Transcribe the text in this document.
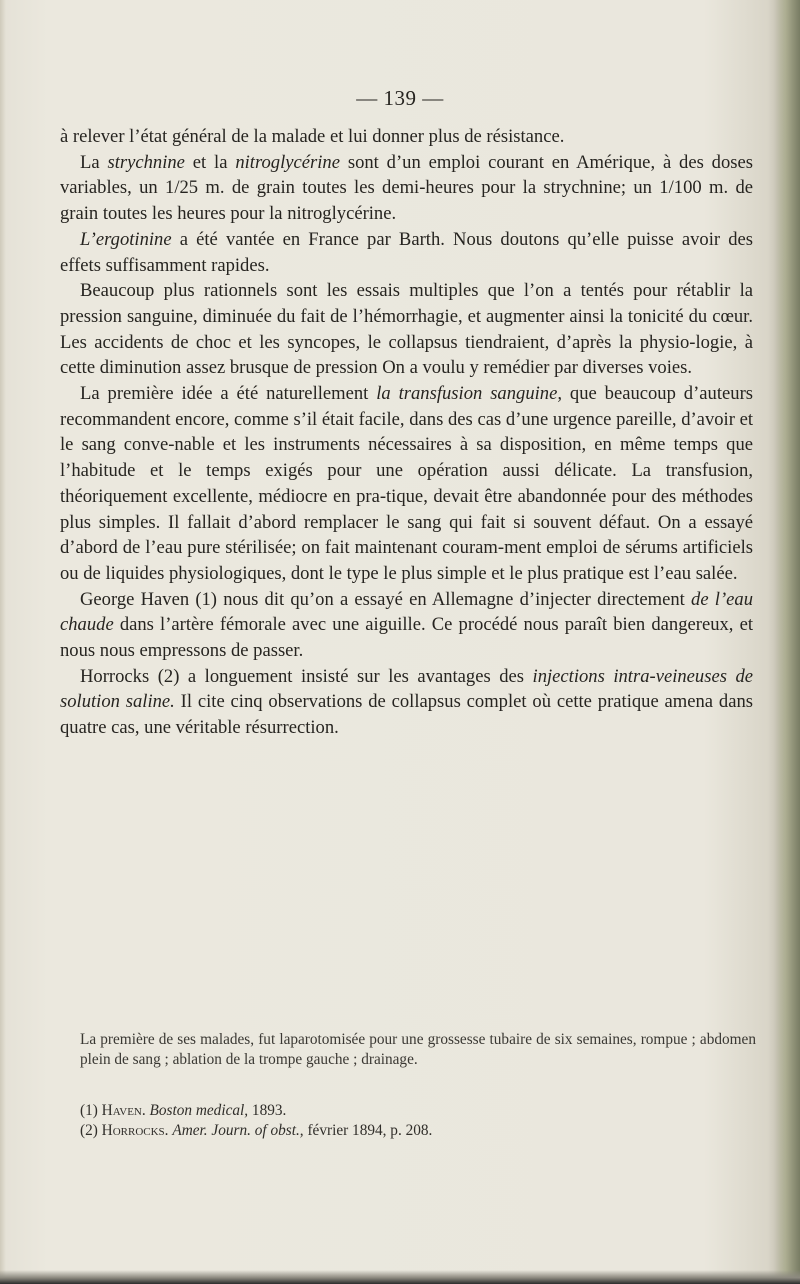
— 139 —

à relever l’état général de la malade et lui donner plus de résistance.

La strychnine et la nitroglycérine sont d’un emploi courant en Amérique, à des doses variables, un 1/25 m. de grain toutes les demi-heures pour la strychnine; un 1/100 m. de grain toutes les heures pour la nitroglycérine.

L’ergotinine a été vantée en France par Barth. Nous doutons qu’elle puisse avoir des effets suffisamment rapides.

Beaucoup plus rationnels sont les essais multiples que l’on a tentés pour rétablir la pression sanguine, diminuée du fait de l’hémorrhagie, et augmenter ainsi la tonicité du cœur. Les accidents de choc et les syncopes, le collapsus tiendraient, d’après la physio-logie, à cette diminution assez brusque de pression On a voulu y remédier par diverses voies.

La première idée a été naturellement la transfusion sanguine, que beaucoup d’auteurs recommandent encore, comme s’il était facile, dans des cas d’une urgence pareille, d’avoir et le sang conve-nable et les instruments nécessaires à sa disposition, en même temps que l’habitude et le temps exigés pour une opération aussi délicate. La transfusion, théoriquement excellente, médiocre en pra-tique, devait être abandonnée pour des méthodes plus simples. Il fallait d’abord remplacer le sang qui fait si souvent défaut. On a essayé d’abord de l’eau pure stérilisée; on fait maintenant couram-ment emploi de sérums artificiels ou de liquides physiologiques, dont le type le plus simple et le plus pratique est l’eau salée.

George Haven (1) nous dit qu’on a essayé en Allemagne d’injecter directement de l’eau chaude dans l’artère fémorale avec une aiguille. Ce procédé nous paraît bien dangereux, et nous nous empressons de passer.

Horrocks (2) a longuement insisté sur les avantages des injections intra-veineuses de solution saline. Il cite cinq observations de collapsus complet où cette pratique amena dans quatre cas, une véritable résurrection.

La première de ses malades, fut laparotomisée pour une grossesse tubaire de six semaines, rompue ; abdomen plein de sang ; ablation de la trompe gauche ; drainage.

(1) Haven. Boston medical, 1893.

(2) Horrocks. Amer. Journ. of obst., février 1894, p. 208.
